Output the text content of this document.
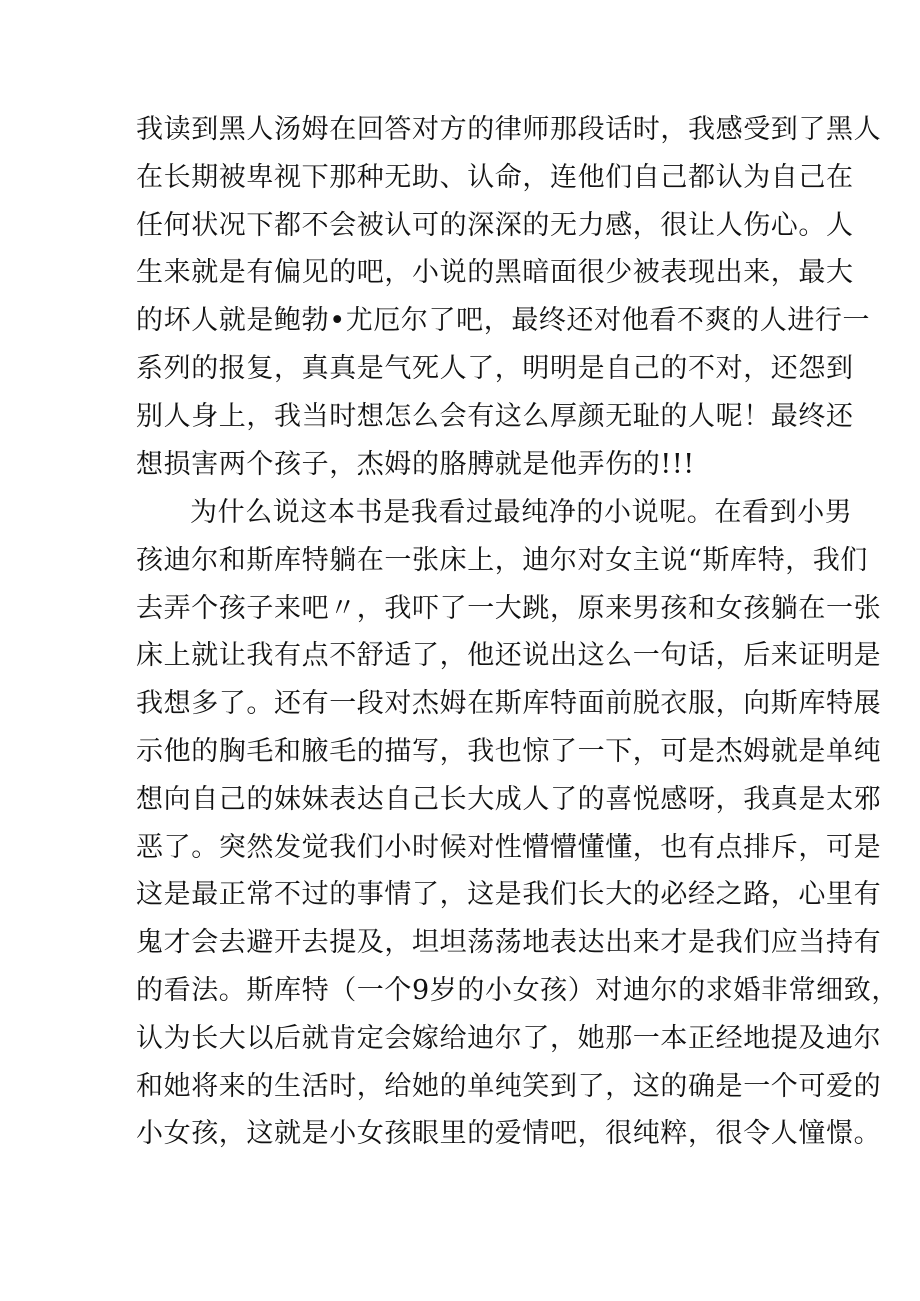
我读到黑人汤姆在回答对方的律师那段话时，我感受到了黑人
在长期被卑视下那种无助、认命，连他们自己都认为自己在
任何状况下都不会被认可的深深的无力感，很让人伤心。人
生来就是有偏见的吧，小说的黑暗面很少被表现出来，最大
的坏人就是鲍勃•尤厄尔了吧，最终还对他看不爽的人进行一
系列的报复，真真是气死人了，明明是自己的不对，还怨到
别人身上，我当时想怎么会有这么厚颜无耻的人呢！最终还
想损害两个孩子，杰姆的胳膊就是他弄伤的!!!
为什么说这本书是我看过最纯净的小说呢。在看到小男
孩迪尔和斯库特躺在一张床上，迪尔对女主说“斯库特，我们
去弄个孩子来吧〃，我吓了一大跳，原来男孩和女孩躺在一张
床上就让我有点不舒适了，他还说出这么一句话，后来证明是
我想多了。还有一段对杰姆在斯库特面前脱衣服，向斯库特展
示他的胸毛和腋毛的描写，我也惊了一下，可是杰姆就是单纯
想向自己的妹妹表达自己长大成人了的喜悦感呀，我真是太邪
恶了。突然发觉我们小时候对性懵懵懂懂，也有点排斥，可是
这是最正常不过的事情了，这是我们长大的必经之路，心里有
鬼才会去避开去提及，坦坦荡荡地表达出来才是我们应当持有
的看法。斯库特（一个9岁的小女孩）对迪尔的求婚非常细致，
认为长大以后就肯定会嫁给迪尔了，她那一本正经地提及迪尔
和她将来的生活时，给她的单纯笑到了，这的确是一个可爱的
小女孩，这就是小女孩眼里的爱情吧，很纯粹，很令人憧憬。
